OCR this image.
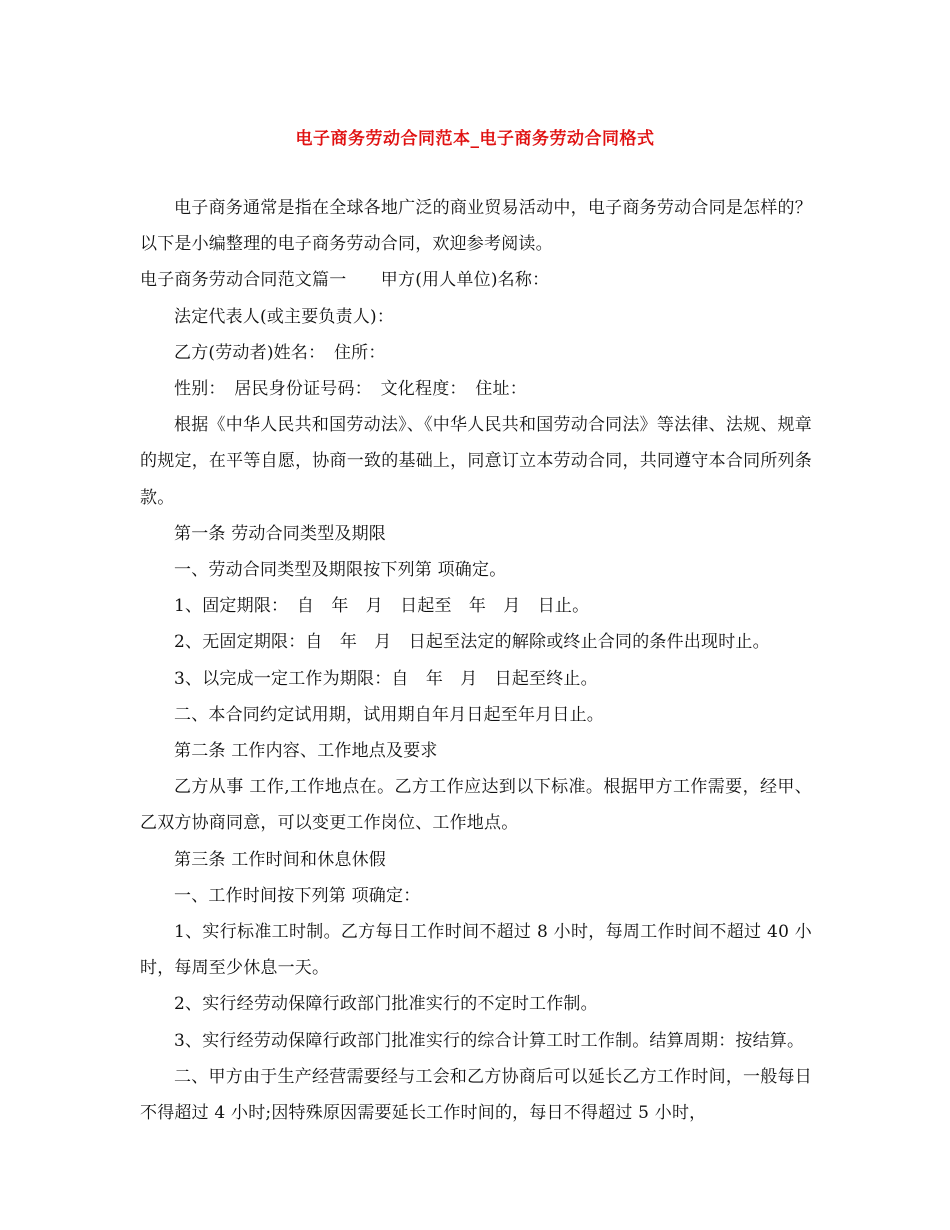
电子商务劳动合同范本_电子商务劳动合同格式

电子商务通常是指在全球各地广泛的商业贸易活动中，电子商务劳动合同是怎样的？以下是小编整理的电子商务劳动合同，欢迎参考阅读。

电子商务劳动合同范文篇一　　甲方(用人单位)名称：

法定代表人(或主要负责人)：

乙方(劳动者)姓名：　住所：

性别：　居民身份证号码：　文化程度：　住址：

根据《中华人民共和国劳动法》、《中华人民共和国劳动合同法》等法律、法规、规章的规定，在平等自愿，协商一致的基础上，同意订立本劳动合同，共同遵守本合同所列条款。

第一条 劳动合同类型及期限

一、劳动合同类型及期限按下列第 项确定。

1、固定期限：　自　年　月　日起至　年　月　日止。

2、无固定期限：自　年　月　日起至法定的解除或终止合同的条件出现时止。

3、以完成一定工作为期限：自　年　月　日起至终止。

二、本合同约定试用期，试用期自年月日起至年月日止。

第二条 工作内容、工作地点及要求

乙方从事 工作,工作地点在。乙方工作应达到以下标准。根据甲方工作需要，经甲、乙双方协商同意，可以变更工作岗位、工作地点。

第三条 工作时间和休息休假

一、工作时间按下列第 项确定：

1、实行标准工时制。乙方每日工作时间不超过 8 小时，每周工作时间不超过 40 小时，每周至少休息一天。

2、实行经劳动保障行政部门批准实行的不定时工作制。

3、实行经劳动保障行政部门批准实行的综合计算工时工作制。结算周期：按结算。

二、甲方由于生产经营需要经与工会和乙方协商后可以延长乙方工作时间，一般每日不得超过 4 小时;因特殊原因需要延长工作时间的，每日不得超过 5 小时，
